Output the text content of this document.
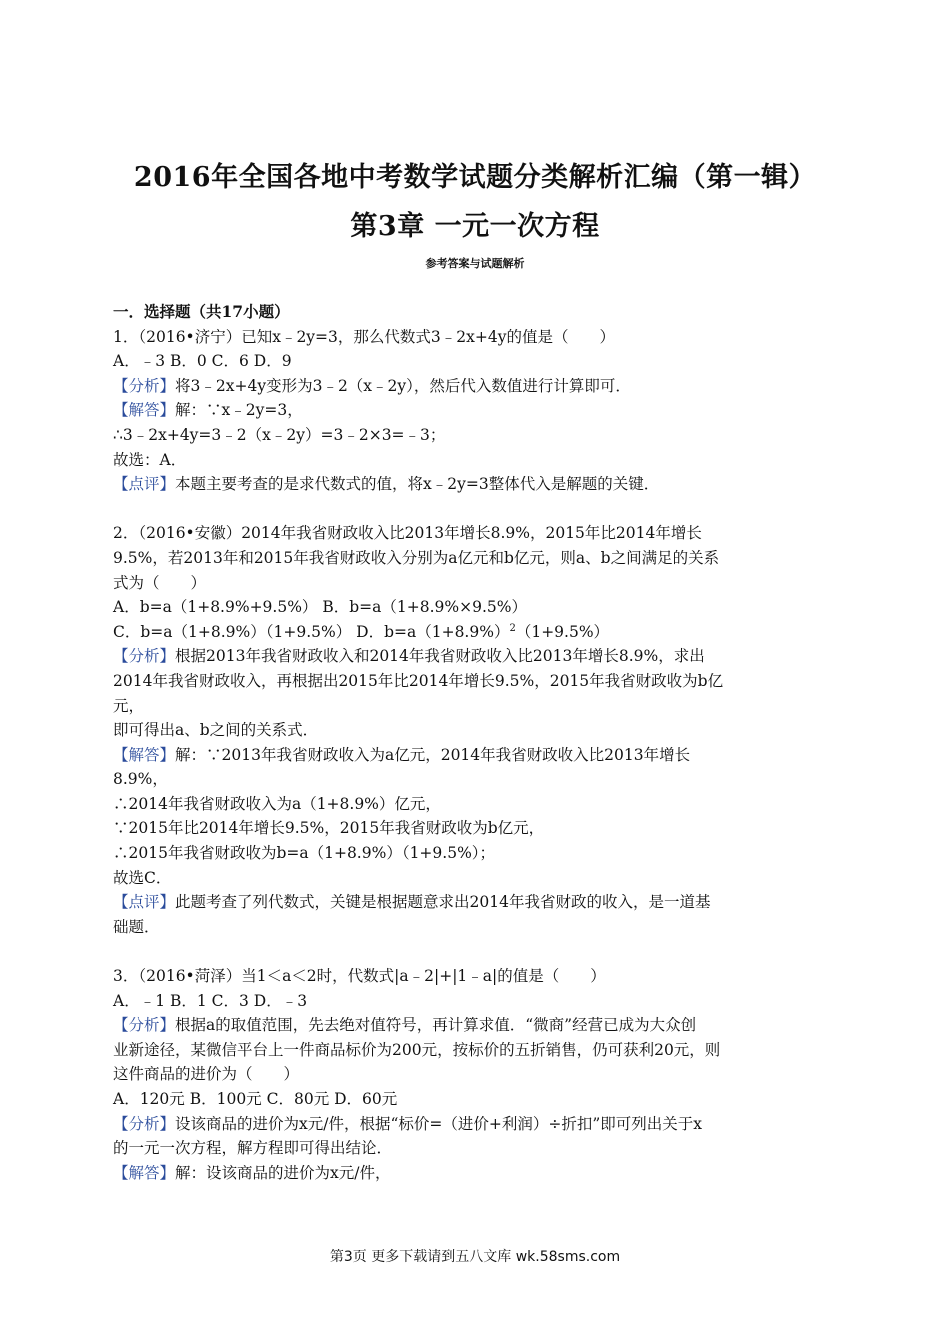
2016年全国各地中考数学试题分类解析汇编（第一辑）
第3章 一元一次方程
参考答案与试题解析
一．选择题（共17小题）
1．（2016•济宁）已知x﹣2y=3，那么代数式3﹣2x+4y的值是（　　）
A．﹣3 B．0 C．6 D．9
【分析】将3﹣2x+4y变形为3﹣2（x﹣2y），然后代入数值进行计算即可．
【解答】解：∵x﹣2y=3，
∴3﹣2x+4y=3﹣2（x﹣2y）=3﹣2×3=﹣3；
故选：A．
【点评】本题主要考查的是求代数式的值，将x﹣2y=3整体代入是解题的关键．
2．（2016•安徽）2014年我省财政收入比2013年增长8.9%，2015年比2014年增长
9.5%，若2013年和2015年我省财政收入分别为a亿元和b亿元，则a、b之间满足的关系
式为（　　）
A．b=a（1+8.9%+9.5%） B．b=a（1+8.9%×9.5%）
C．b=a（1+8.9%）（1+9.5%） D．$b=a(1+8.9\%)^2(1+9.5\%)$
【分析】根据2013年我省财政收入和2014年我省财政收入比2013年增长8.9%，求出
2014年我省财政收入，再根据出2015年比2014年增长9.5%，2015年我省财政收为b亿
元，
即可得出a、b之间的关系式．
【解答】解：∵2013年我省财政收入为a亿元，2014年我省财政收入比2013年增长
8.9%，
∴2014年我省财政收入为a（1+8.9%）亿元，
∵2015年比2014年增长9.5%，2015年我省财政收为b亿元，
∴2015年我省财政收为b=a（1+8.9%）（1+9.5%）；
故选C．
【点评】此题考查了列代数式，关键是根据题意求出2014年我省财政的收入，是一道基
础题．
3．（2016•菏泽）当1＜a＜2时，代数式|a﹣2|+|1﹣a|的值是（　　）
A．﹣1 B．1 C．3 D．﹣3
【分析】根据a的取值范围，先去绝对值符号，再计算求值．“微商”经营已成为大众创
业新途径，某微信平台上一件商品标价为200元，按标价的五折销售，仍可获利20元，则
这件商品的进价为（　　）
A．120元 B．100元 C．80元 D．60元
【分析】设该商品的进价为x元/件，根据“标价=（进价+利润）÷折扣”即可列出关于x
的一元一次方程，解方程即可得出结论．
【解答】解：设该商品的进价为x元/件，
第3页 更多下载请到五八文库 wk.58sms.com
